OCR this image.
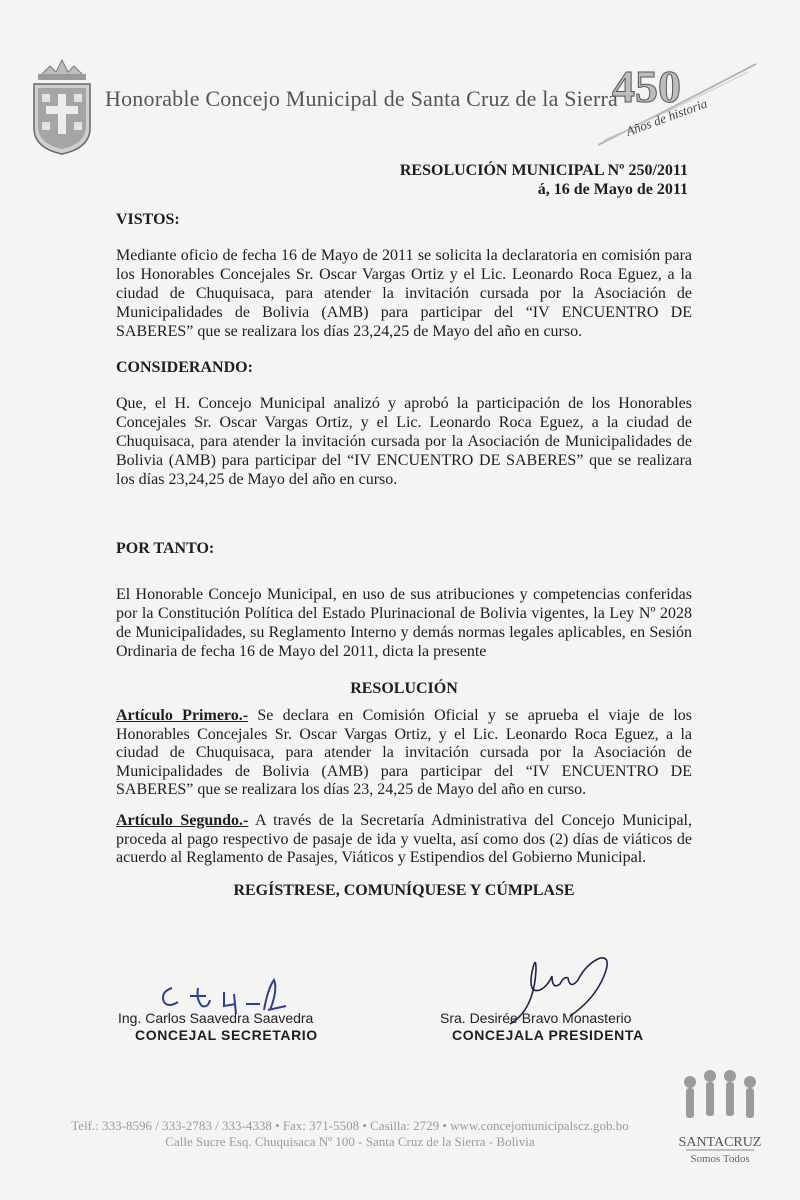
Honorable Concejo Municipal de Santa Cruz de la Sierra
450
Años de historia
RESOLUCIÓN MUNICIPAL Nº 250/2011
á, 16 de Mayo de 2011
VISTOS:
Mediante oficio de fecha 16 de Mayo de 2011 se solicita la declaratoria en comisión para los Honorables Concejales Sr. Oscar Vargas Ortiz y el Lic. Leonardo Roca Eguez, a la ciudad de Chuquisaca, para atender la invitación cursada por la Asociación de Municipalidades de Bolivia (AMB) para participar del “IV ENCUENTRO DE SABERES” que se realizara los días 23,24,25 de Mayo del año en curso.
CONSIDERANDO:
Que, el H. Concejo Municipal analizó y aprobó la participación de los Honorables Concejales Sr. Oscar Vargas Ortiz, y el Lic. Leonardo Roca Eguez, a la ciudad de Chuquisaca, para atender la invitación cursada por la Asociación de Municipalidades de Bolivia (AMB) para participar del “IV ENCUENTRO DE SABERES” que se realizara los días 23,24,25 de Mayo del año en curso.
POR TANTO:
El Honorable Concejo Municipal, en uso de sus atribuciones y competencias conferidas por la Constitución Política del Estado Plurinacional de Bolivia vigentes, la Ley Nº 2028 de Municipalidades, su Reglamento Interno y demás normas legales aplicables, en Sesión Ordinaria de fecha 16 de Mayo del 2011, dicta la presente
RESOLUCIÓN
Artículo Primero.- Se declara en Comisión Oficial y se aprueba el viaje de los Honorables Concejales Sr. Oscar Vargas Ortiz, y el Lic. Leonardo Roca Eguez, a la ciudad de Chuquisaca, para atender la invitación cursada por la Asociación de Municipalidades de Bolivia (AMB) para participar del “IV ENCUENTRO DE SABERES” que se realizara los días 23, 24,25 de Mayo del año en curso.
Artículo Segundo.- A través de la Secretaría Administrativa del Concejo Municipal, proceda al pago respectivo de pasaje de ida y vuelta, así como dos (2) días de viáticos de acuerdo al Reglamento de Pasajes, Viáticos y Estipendios del Gobierno Municipal.
REGÍSTRESE, COMUNÍQUESE Y CÚMPLASE
Ing. Carlos Saavedra Saavedra
CONCEJAL SECRETARIO
Sra. Desirée Bravo Monasterio
CONCEJALA PRESIDENTA
Telf.: 333-8596 / 333-2783 / 333-4338 • Fax: 371-5508 • Casilla: 2729 • www.concejomunicipalscz.gob.bo
Calle Sucre Esq. Chuquisaca Nº 100 - Santa Cruz de la Sierra - Bolivia	SANTACRUZ
Somos Todos
